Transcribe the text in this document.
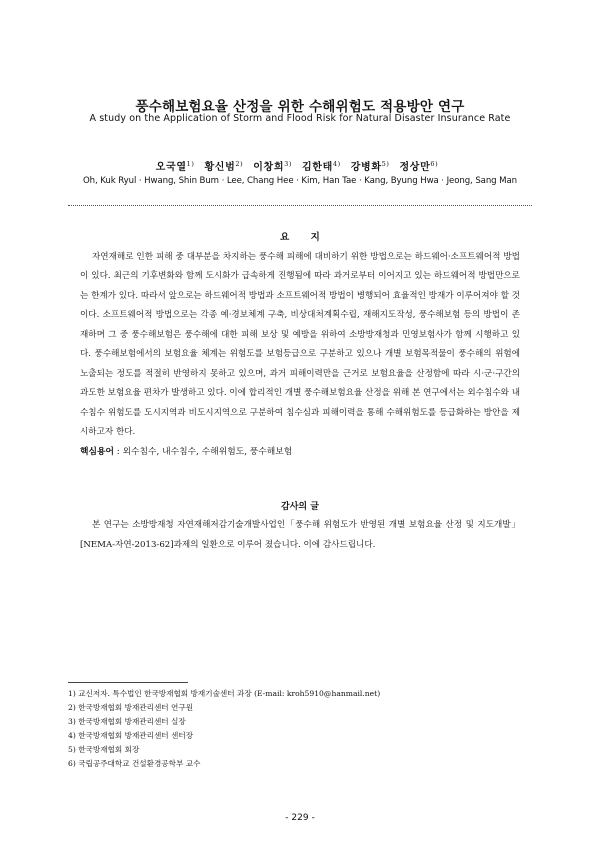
풍수해보험요율 산정을 위한 수해위험도 적용방안 연구
A study on the Application of Storm and Flood Risk for Natural Disaster Insurance Rate
오국열$^{1)}$ 황신범$^{2)}$ 이창희$^{3)}$ 김한태$^{4)}$ 강병화$^{5)}$ 정상만$^{6)}$
Oh, Kuk Ryul · Hwang, Shin Bum · Lee, Chang Hee · Kim, Han Tae · Kang, Byung Hwa · Jeong, Sang Man
요 지
자연재해로 인한 피해 중 대부분을 차지하는 풍수해 피해에 대비하기 위한 방법으로는 하드웨어·소프트웨어적 방법이 있다. 최근의 기후변화와 함께 도시화가 급속하게 진행됨에 따라 과거로부터 이어지고 있는 하드웨어적 방법만으로는 한계가 있다. 따라서 앞으로는 하드웨어적 방법과 소프트웨어적 방법이 병행되어 효율적인 방재가 이루어져야 할 것이다. 소프트웨어적 방법으로는 각종 예·경보체계 구축, 비상대처계획수립, 재해지도작성, 풍수해보험 등의 방법이 존재하며 그 중 풍수해보험은 풍수해에 대한 피해 보상 및 예방을 위하여 소방방재청과 민영보험사가 함께 시행하고 있다. 풍수해보험에서의 보험요율 체계는 위험도를 보험등급으로 구분하고 있으나 개별 보험목적물이 풍수해의 위험에 노출되는 정도를 적절히 반영하지 못하고 있으며, 과거 피해이력만을 근거로 보험요율을 산정함에 따라 시·군·구간의 과도한 보험요율 편차가 발생하고 있다. 이에 합리적인 개별 풍수해보험요율 산정을 위해 본 연구에서는 외수침수와 내수침수 위험도를 도시지역과 비도시지역으로 구분하여 침수심과 피해이력을 통해 수해위험도를 등급화하는 방안을 제시하고자 한다.
핵심용어 : 외수침수, 내수침수, 수해위험도, 풍수해보험
감사의 글
본 연구는 소방방재청 자연재해저감기술개발사업인「풍수해 위험도가 반영된 개별 보험요율 산정 및 지도개발」[NEMA-자연-2013-62]과제의 일환으로 이루어 졌습니다. 이에 감사드립니다.
1) 교신저자. 특수법인 한국방재협회 방재기술센터 과장 (E-mail: kroh5910@hanmail.net)
2) 한국방재협회 방재관리센터 연구원
3) 한국방재협회 방재관리센터 실장
4) 한국방재협회 방재관리센터 센터장
5) 한국방재협회 회장
6) 국립공주대학교 건설환경공학부 교수
- 229 -
